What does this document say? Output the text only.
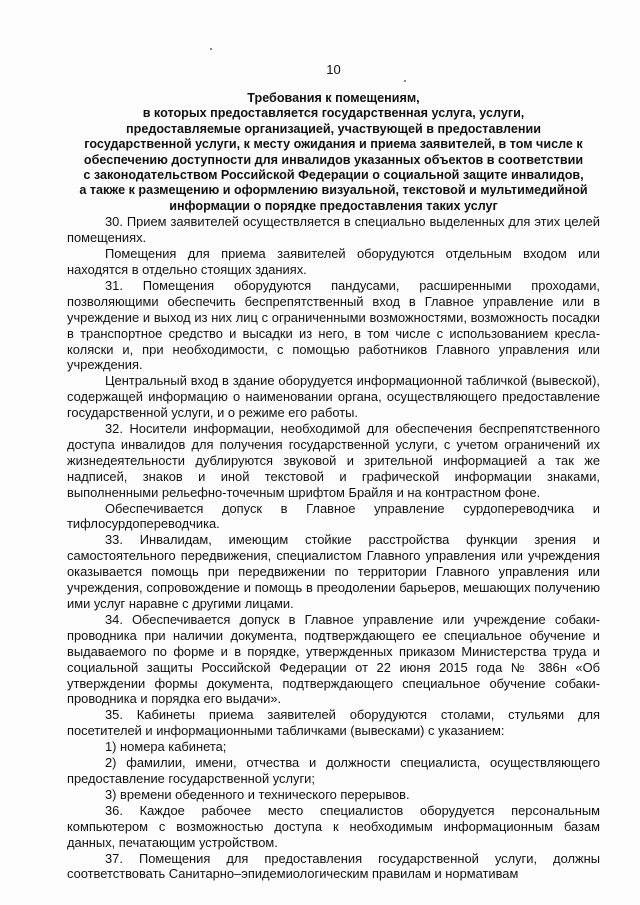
10
Требования к помещениям,
в которых предоставляется государственная услуга, услуги,
предоставляемые организацией, участвующей в предоставлении
государственной услуги, к месту ожидания и приема заявителей, в том числе к
обеспечению доступности для инвалидов указанных объектов в соответствии
с законодательством Российской Федерации о социальной защите инвалидов,
а также к размещению и оформлению визуальной, текстовой и мультимедийной
информации о порядке предоставления таких услуг

30. Прием заявителей осуществляется в специально выделенных для этих целей помещениях.

Помещения для приема заявителей оборудуются отдельным входом или находятся в отдельно стоящих зданиях.

31. Помещения оборудуются пандусами, расширенными проходами, позволяющими обеспечить беспрепятственный вход в Главное управление или в учреждение и выход из них лиц с ограниченными возможностями, возможность посадки в транспортное средство и высадки из него, в том числе с использованием кресла-коляски и, при необходимости, с помощью работников Главного управления или учреждения.

Центральный вход в здание оборудуется информационной табличкой (вывеской), содержащей информацию о наименовании органа, осуществляющего предоставление государственной услуги, и о режиме его работы.

32. Носители информации, необходимой для обеспечения беспрепятственного доступа инвалидов для получения государственной услуги, с учетом ограничений их жизнедеятельности дублируются звуковой и зрительной информацией а так же надписей, знаков и иной текстовой и графической информации знаками, выполненными рельефно-точечным шрифтом Брайля и на контрастном фоне.

Обеспечивается допуск в Главное управление сурдопереводчика и тифлосурдопереводчика.

33. Инвалидам, имеющим стойкие расстройства функции зрения и самостоятельного передвижения, специалистом Главного управления или учреждения оказывается помощь при передвижении по территории Главного управления или учреждения, сопровождение и помощь в преодолении барьеров, мешающих получению ими услуг наравне с другими лицами.

34. Обеспечивается допуск в Главное управление или учреждение собаки-проводника при наличии документа, подтверждающего ее специальное обучение и выдаваемого по форме и в порядке, утвержденных приказом Министерства труда и социальной защиты Российской Федерации от 22 июня 2015 года № 386н «Об утверждении формы документа, подтверждающего специальное обучение собаки-проводника и порядка его выдачи».

35. Кабинеты приема заявителей оборудуются столами, стульями для посетителей и информационными табличками (вывесками) с указанием:

1) номера кабинета;

2) фамилии, имени, отчества и должности специалиста, осуществляющего предоставление государственной услуги;

3) времени обеденного и технического перерывов.

36. Каждое рабочее место специалистов оборудуется персональным компьютером с возможностью доступа к необходимым информационным базам данных, печатающим устройством.

37. Помещения для предоставления государственной услуги, должны соответствовать Санитарно–эпидемиологическим правилам и нормативам
